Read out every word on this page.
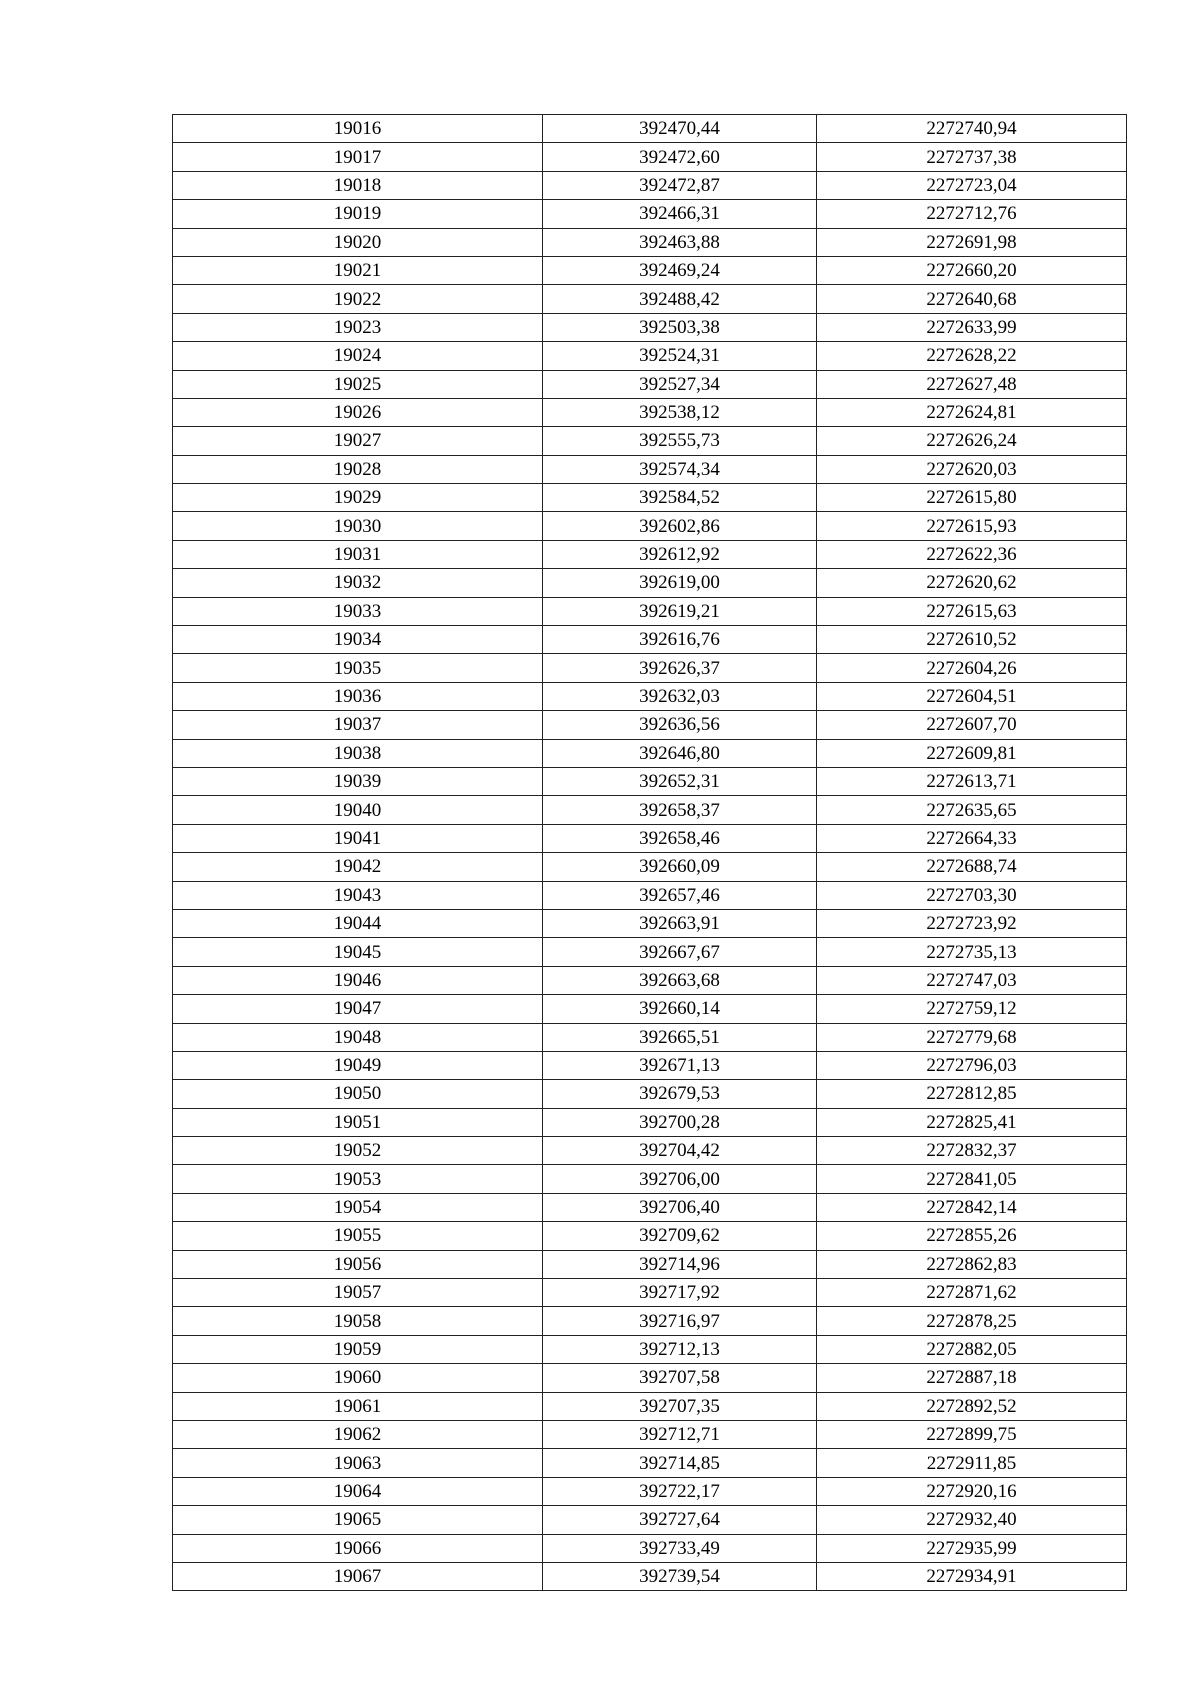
19016	392470,44	2272740,94
19017	392472,60	2272737,38
19018	392472,87	2272723,04
19019	392466,31	2272712,76
19020	392463,88	2272691,98
19021	392469,24	2272660,20
19022	392488,42	2272640,68
19023	392503,38	2272633,99
19024	392524,31	2272628,22
19025	392527,34	2272627,48
19026	392538,12	2272624,81
19027	392555,73	2272626,24
19028	392574,34	2272620,03
19029	392584,52	2272615,80
19030	392602,86	2272615,93
19031	392612,92	2272622,36
19032	392619,00	2272620,62
19033	392619,21	2272615,63
19034	392616,76	2272610,52
19035	392626,37	2272604,26
19036	392632,03	2272604,51
19037	392636,56	2272607,70
19038	392646,80	2272609,81
19039	392652,31	2272613,71
19040	392658,37	2272635,65
19041	392658,46	2272664,33
19042	392660,09	2272688,74
19043	392657,46	2272703,30
19044	392663,91	2272723,92
19045	392667,67	2272735,13
19046	392663,68	2272747,03
19047	392660,14	2272759,12
19048	392665,51	2272779,68
19049	392671,13	2272796,03
19050	392679,53	2272812,85
19051	392700,28	2272825,41
19052	392704,42	2272832,37
19053	392706,00	2272841,05
19054	392706,40	2272842,14
19055	392709,62	2272855,26
19056	392714,96	2272862,83
19057	392717,92	2272871,62
19058	392716,97	2272878,25
19059	392712,13	2272882,05
19060	392707,58	2272887,18
19061	392707,35	2272892,52
19062	392712,71	2272899,75
19063	392714,85	2272911,85
19064	392722,17	2272920,16
19065	392727,64	2272932,40
19066	392733,49	2272935,99
19067	392739,54	2272934,91
